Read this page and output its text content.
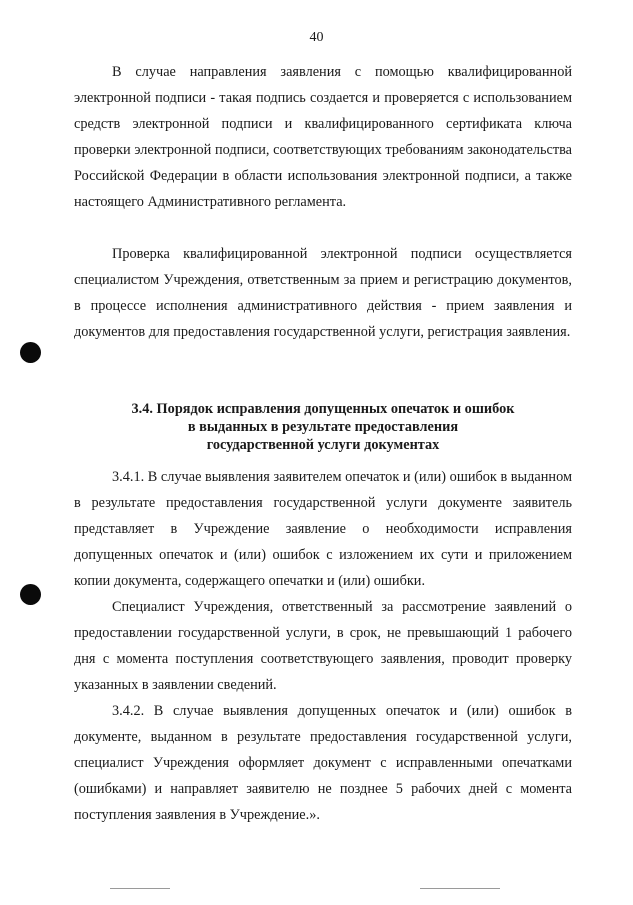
40

В случае направления заявления с помощью квалифицированной электронной подписи - такая подпись создается и проверяется с использованием средств электронной подписи и квалифицированного сертификата ключа проверки электронной подписи, соответствующих требованиям законодательства Российской Федерации в области использования электронной подписи, а также настоящего Административного регламента.

Проверка квалифицированной электронной подписи осуществляется специалистом Учреждения, ответственным за прием и регистрацию документов, в процессе исполнения административного действия - прием заявления и документов для предоставления государственной услуги, регистрация заявления.

3.4. Порядок исправления допущенных опечаток и ошибок
в выданных в результате предоставления
государственной услуги документах

3.4.1. В случае выявления заявителем опечаток и (или) ошибок в выданном в результате предоставления государственной услуги документе заявитель представляет в Учреждение заявление о необходимости исправления допущенных опечаток и (или) ошибок с изложением их сути и приложением копии документа, содержащего опечатки и (или) ошибки.

Специалист Учреждения, ответственный за рассмотрение заявлений о предоставлении государственной услуги, в срок, не превышающий 1 рабочего дня с момента поступления соответствующего заявления, проводит проверку указанных в заявлении сведений.

3.4.2. В случае выявления допущенных опечаток и (или) ошибок в документе, выданном в результате предоставления государственной услуги, специалист Учреждения оформляет документ с исправленными опечатками (ошибками) и направляет заявителю не позднее 5 рабочих дней с момента поступления заявления в Учреждение.».
